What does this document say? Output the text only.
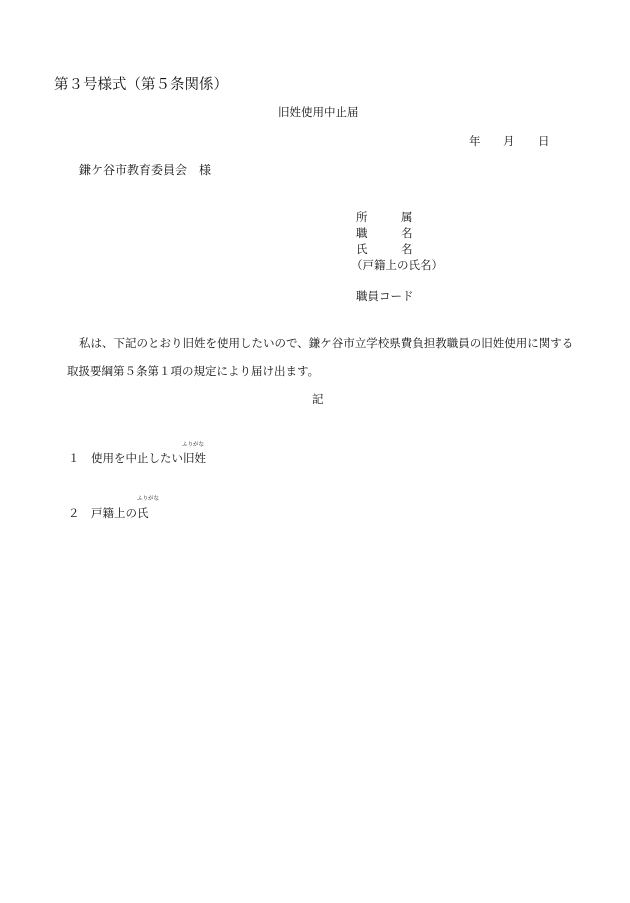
第３号様式（第５条関係）
旧姓使用中止届
年 月 日
鎌ケ谷市教育委員会　様
所	属
職	名
氏	名
（戸籍上の氏名）
職員コード
私は、下記のとおり旧姓を使用したいので、鎌ケ谷市立学校県費負担教職員の旧姓使用に関する
取扱要綱第５条第１項の規定により届け出ます。
記
ふりがな
１ 使用を中止したい旧姓
ふりがな
２ 戸籍上の氏
